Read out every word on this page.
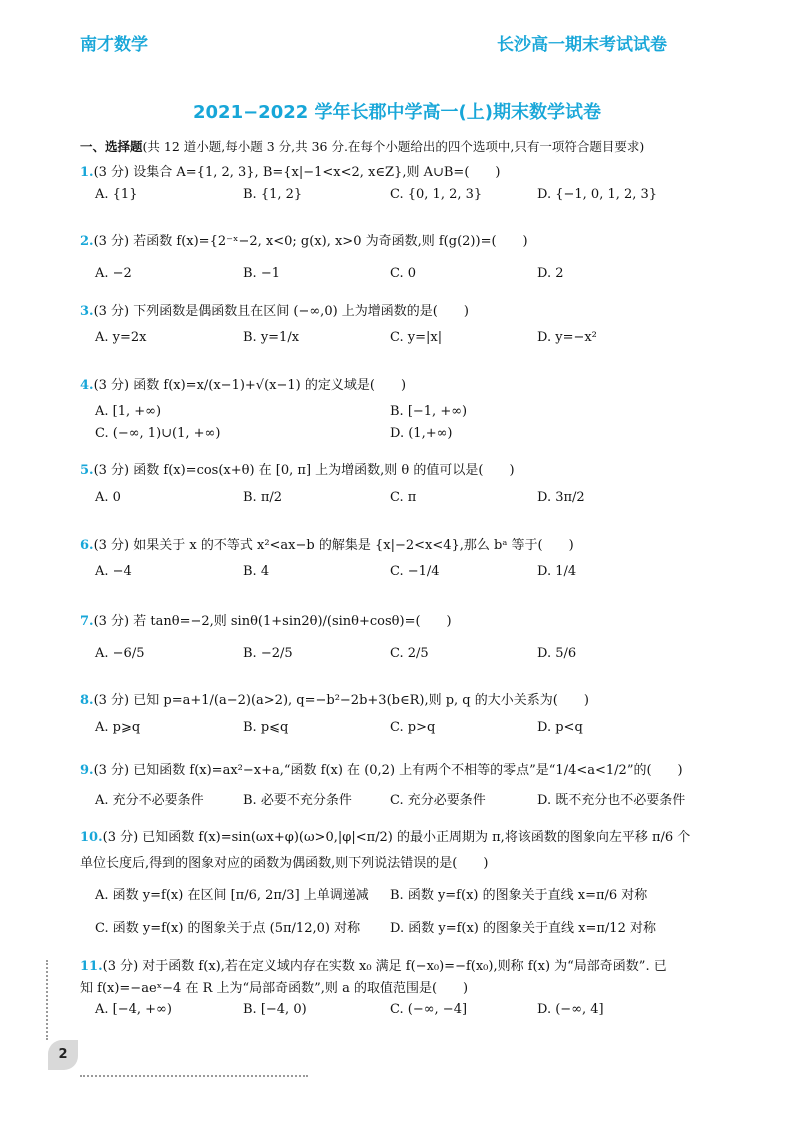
南才数学	长沙高一期末考试试卷
2021−2022 学年长郡中学高一(上)期末数学试卷
一、选择题(共 12 道小题,每小题 3 分,共 36 分.在每个小题给出的四个选项中,只有一项符合题目要求)
1.(3 分) 设集合 A={1, 2, 3}, B={x|−1<x<2, x∈Z},则 A∪B=(　　)
A. {1}	B. {1, 2}	C. {0, 1, 2, 3}	D. {−1, 0, 1, 2, 3}
2.(3 分) 若函数 f(x)={2⁻ˣ−2, x<0; g(x), x>0 为奇函数,则 f(g(2))=(　　)
A. −2	B. −1	C. 0	D. 2
3.(3 分) 下列函数是偶函数且在区间 (−∞,0) 上为增函数的是(　　)
A. y=2x	B. y=1/x	C. y=|x|	D. y=−x²
4.(3 分) 函数 f(x)=x/(x−1)+√(x−1) 的定义域是(　　)
A. [1, +∞)	B. [−1, +∞)
C. (−∞, 1)∪(1, +∞)	D. (1,+∞)
5.(3 分) 函数 f(x)=cos(x+θ) 在 [0, π] 上为增函数,则 θ 的值可以是(　　)
A. 0	B. π/2	C. π	D. 3π/2
6.(3 分) 如果关于 x 的不等式 x²<ax−b 的解集是 {x|−2<x<4},那么 bᵃ 等于(　　)
A. −4	B. 4	C. −1/4	D. 1/4
7.(3 分) 若 tanθ=−2,则 sinθ(1+sin2θ)/(sinθ+cosθ)=(　　)
A. −6/5	B. −2/5	C. 2/5	D. 5/6
8.(3 分) 已知 p=a+1/(a−2)(a>2), q=−b²−2b+3(b∈R),则 p, q 的大小关系为(　　)
A. p⩾q	B. p⩽q	C. p>q	D. p<q
9.(3 分) 已知函数 f(x)=ax²−x+a,“函数 f(x) 在 (0,2) 上有两个不相等的零点”是“1/4<a<1/2”的(　　)
A. 充分不必要条件	B. 必要不充分条件	C. 充分必要条件	D. 既不充分也不必要条件
10.(3 分) 已知函数 f(x)=sin(ωx+φ)(ω>0,|φ|<π/2) 的最小正周期为 π,将该函数的图象向左平移 π/6 个
单位长度后,得到的图象对应的函数为偶函数,则下列说法错误的是(　　)
A. 函数 y=f(x) 在区间 [π/6, 2π/3] 上单调递减 B. 函数 y=f(x) 的图象关于直线 x=π/6 对称
C. 函数 y=f(x) 的图象关于点 (5π/12,0) 对称 D. 函数 y=f(x) 的图象关于直线 x=π/12 对称
11.(3 分) 对于函数 f(x),若在定义域内存在实数 x₀ 满足 f(−x₀)=−f(x₀),则称 f(x) 为“局部奇函数”. 已
知 f(x)=−aeˣ−4 在 R 上为“局部奇函数”,则 a 的取值范围是(　　)
A. [−4, +∞)	B. [−4, 0)	C. (−∞, −4]	D. (−∞, 4]
2
